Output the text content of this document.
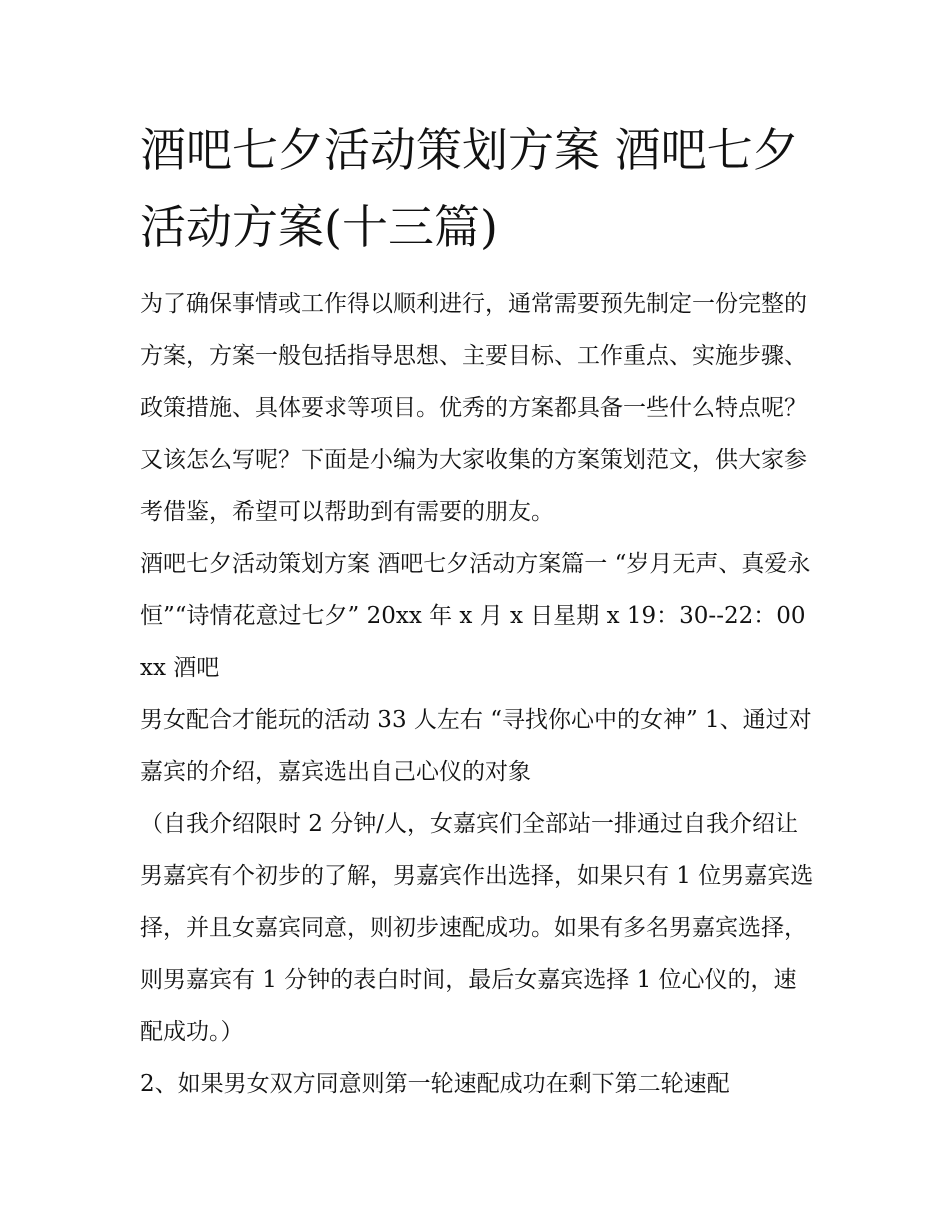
酒吧七夕活动策划方案 酒吧七夕活动方案(十三篇)

为了确保事情或工作得以顺利进行，通常需要预先制定一份完整的方案，方案一般包括指导思想、主要目标、工作重点、实施步骤、政策措施、具体要求等项目。优秀的方案都具备一些什么特点呢？又该怎么写呢？下面是小编为大家收集的方案策划范文，供大家参考借鉴，希望可以帮助到有需要的朋友。

酒吧七夕活动策划方案 酒吧七夕活动方案篇一 “岁月无声、真爱永恒”“诗情花意过七夕” 20xx 年 x 月 x 日星期 x 19：30--22：00 xx 酒吧

男女配合才能玩的活动 33 人左右 “寻找你心中的女神” 1、通过对嘉宾的介绍，嘉宾选出自己心仪的对象

（自我介绍限时 2 分钟/人，女嘉宾们全部站一排通过自我介绍让男嘉宾有个初步的了解，男嘉宾作出选择，如果只有 1 位男嘉宾选择，并且女嘉宾同意，则初步速配成功。如果有多名男嘉宾选择，则男嘉宾有 1 分钟的表白时间，最后女嘉宾选择 1 位心仪的，速配成功。）

2、如果男女双方同意则第一轮速配成功在剩下第二轮速配
